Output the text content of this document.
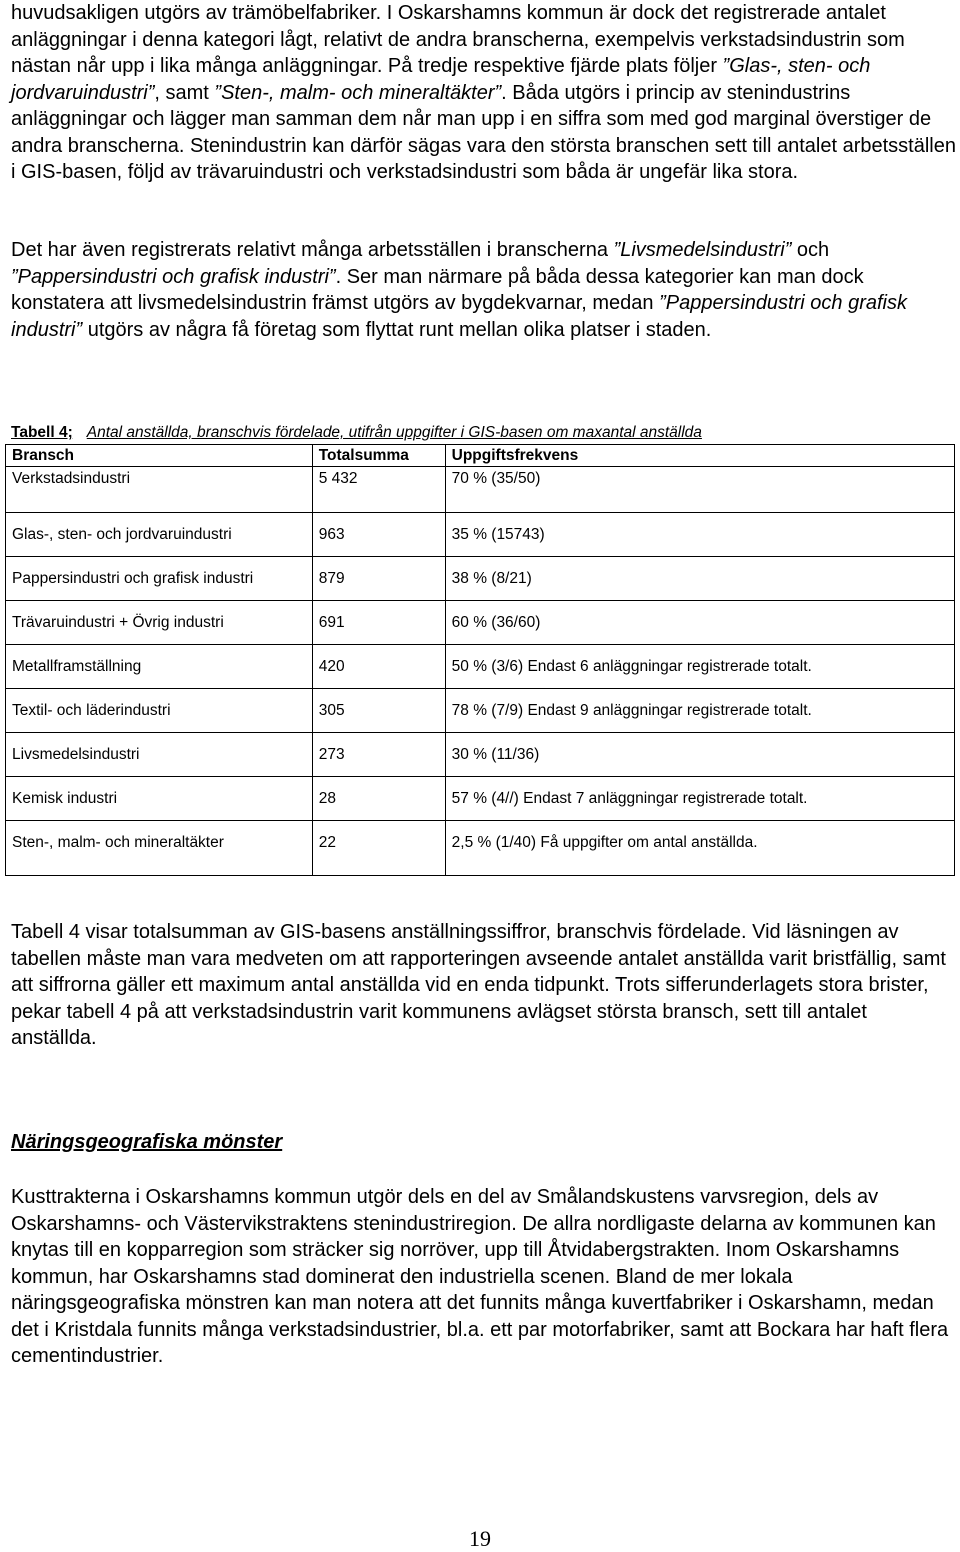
huvudsakligen utgörs av trämöbelfabriker. I Oskarshamns kommun är dock det registrerade antalet anläggningar i denna kategori lågt, relativt de andra branscherna, exempelvis verkstadsindustrin som nästan når upp i lika många anläggningar. På tredje respektive fjärde plats följer ”Glas-, sten- och jordvaruindustri”, samt ”Sten-, malm- och mineraltäkter”. Båda utgörs i princip av stenindustrins anläggningar och lägger man samman dem når man upp i en siffra som med god marginal överstiger de andra branscherna. Stenindustrin kan därför sägas vara den största branschen sett till antalet arbetsställen i GIS-basen, följd av trävaruindustri och verkstadsindustri som båda är ungefär lika stora.

Det har även registrerats relativt många arbetsställen i branscherna ”Livsmedelsindustri” och ”Pappersindustri och grafisk industri”. Ser man närmare på båda dessa kategorier kan man dock konstatera att livsmedelsindustrin främst utgörs av bygdekvarnar, medan ”Pappersindustri och grafisk industri” utgörs av några få företag som flyttat runt mellan olika platser i staden.

Tabell 4; Antal anställda, branschvis fördelade, utifrån uppgifter i GIS-basen om maxantal anställda
Bransch	Totalsumma	Uppgiftsfrekvens
Verkstadsindustri	5 432	70 % (35/50)
Glas-, sten- och jordvaruindustri	963	35 % (15743)
Pappersindustri och grafisk industri	879	38 % (8/21)
Trävaruindustri + Övrig industri	691	60 % (36/60)
Metallframställning	420	50 % (3/6) Endast 6 anläggningar registrerade totalt.
Textil- och läderindustri	305	78 % (7/9) Endast 9 anläggningar registrerade totalt.
Livsmedelsindustri	273	30 % (11/36)
Kemisk industri	28	57 % (4//) Endast 7 anläggningar registrerade totalt.
Sten-, malm- och mineraltäkter	22	2,5 % (1/40) Få uppgifter om antal anställda.

Tabell 4 visar totalsumman av GIS-basens anställningssiffror, branschvis fördelade. Vid läsningen av tabellen måste man vara medveten om att rapporteringen avseende antalet anställda varit bristfällig, samt att siffrorna gäller ett maximum antal anställda vid en enda tidpunkt. Trots sifferunderlagets stora brister, pekar tabell 4 på att verkstadsindustrin varit kommunens avlägset största bransch, sett till antalet anställda.

Näringsgeografiska mönster

Kusttrakterna i Oskarshamns kommun utgör dels en del av Smålandskustens varvsregion, dels av Oskarshamns- och Västervikstraktens stenindustriregion. De allra nordligaste delarna av kommunen kan knytas till en kopparregion som sträcker sig norröver, upp till Åtvidabergstrakten. Inom Oskarshamns kommun, har Oskarshamns stad dominerat den industriella scenen. Bland de mer lokala näringsgeografiska mönstren kan man notera att det funnits många kuvertfabriker i Oskarshamn, medan det i Kristdala funnits många verkstadsindustrier, bl.a. ett par motorfabriker, samt att Bockara har haft flera cementindustrier.

19
